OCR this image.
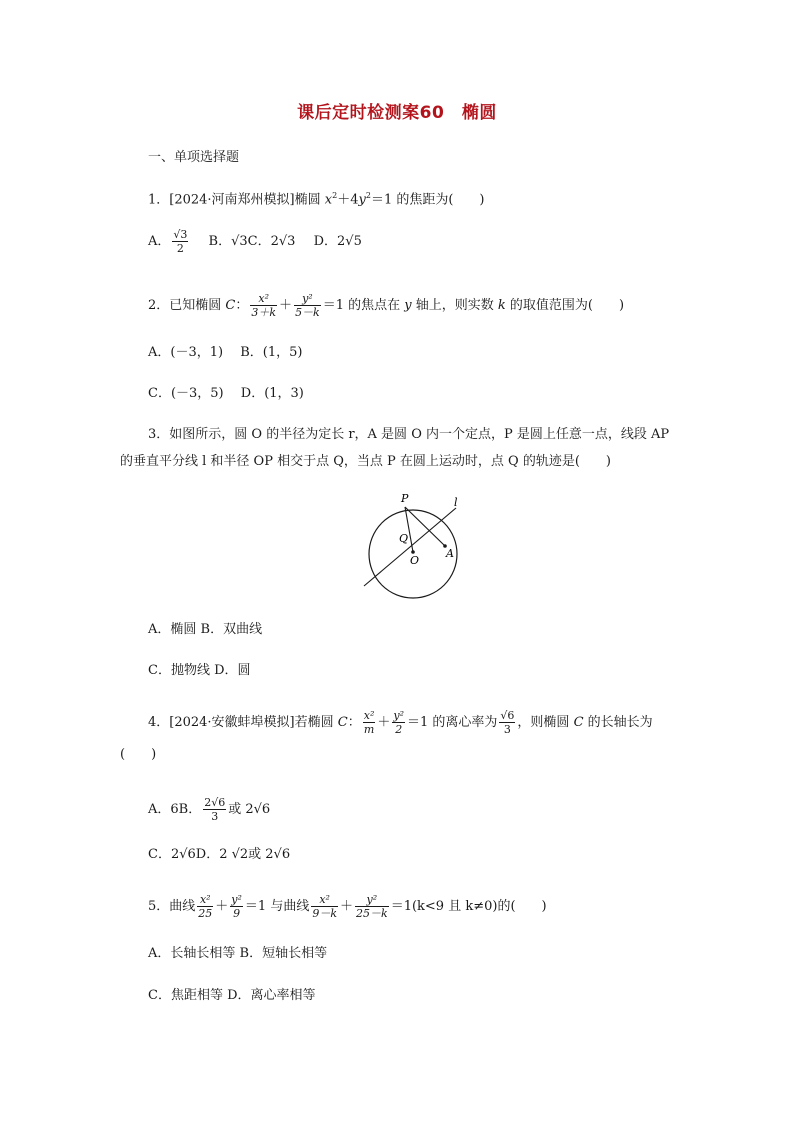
课后定时检测案60　椭圆
一、单项选择题
1．[2024·河南郑州模拟]椭圆 $x^2+4y^2=1$ 的焦距为(　　)
A． $\frac{√3}{2}$ B．√3C．2√3 D．2√5
2．已知椭圆 C： $\frac{\text{x²}}{3+k} + \frac{\text{y²}}{5-k} =1$ 的焦点在 y 轴上，则实数 k 的取值范围为(　　)
A．(－3，1)　 B．(1，5)
C．(－3，5)　 D．(1，3)
3．如图所示，圆 O 的半径为定长 r，A 是圆 O 内一个定点，P 是圆上任意一点，线段 AP
的垂直平分线 l 和半径 OP 相交于点 Q，当点 P 在圆上运动时，点 Q 的轨迹是(　　)
P	l
Q
O
A
A．椭圆 B．双曲线
C．抛物线 D．圆
4．[2024·安徽蚌埠模拟]若椭圆 C： $\frac{\text{x²}}{m} + \frac{\text{y²}}{2} =1$ 的离心率为 $\frac{√6}{3}$ ，则椭圆 C 的长轴长为
(　　)
A．6B． $\frac{2√6}{3}$ 或 2√6
C．2√6D．2 √2或 2√6
5．曲线 $\frac{\text{x²}}{25} + \frac{\text{y²}}{9} =1$ 与曲线 $\frac{\text{x²}}{9-k} + \frac{\text{y²}}{25-k} =1(k<9$ 且 k≠0)的(　　)
A．长轴长相等 B．短轴长相等
C．焦距相等 D．离心率相等
